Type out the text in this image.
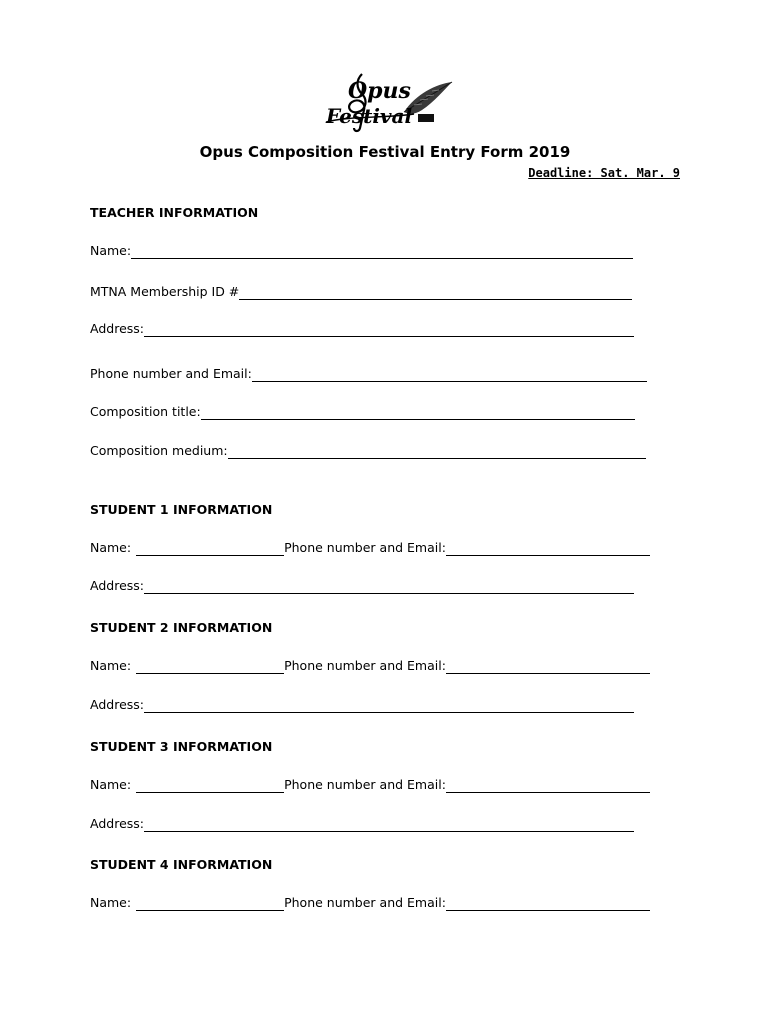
Opus
Festival
Opus Composition Festival Entry Form 2019
Deadline: Sat. Mar. 9
TEACHER INFORMATION
Name:
MTNA Membership ID #
Address:
Phone number and Email:
Composition title:
Composition medium:
STUDENT 1 INFORMATION
Name:	Phone number and Email:
Address:
STUDENT 2 INFORMATION
Name:	Phone number and Email:
Address:
STUDENT 3 INFORMATION
Name:	Phone number and Email:
Address:
STUDENT 4 INFORMATION
Name:	Phone number and Email:
